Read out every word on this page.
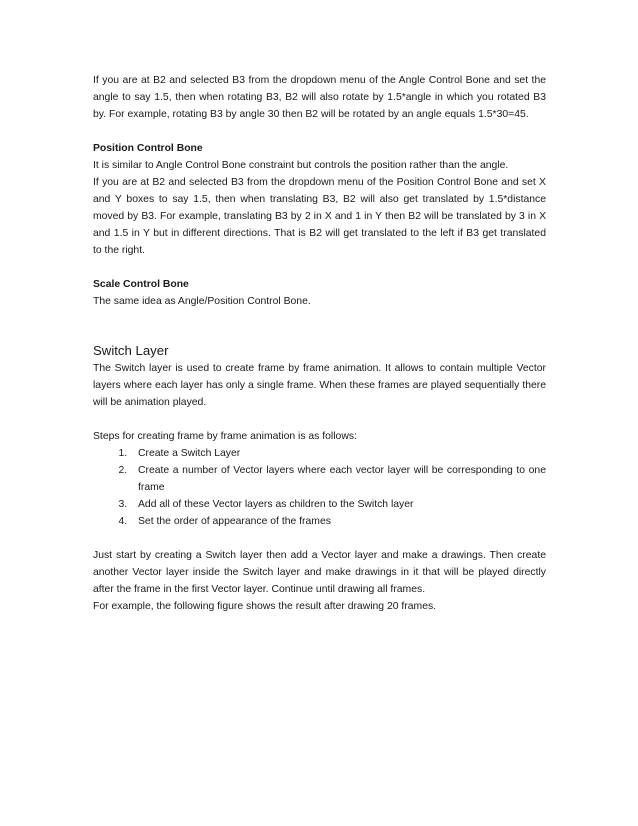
If you are at B2 and selected B3 from the dropdown menu of the Angle Control Bone and set the angle to say 1.5, then when rotating B3, B2 will also rotate by 1.5*angle in which you rotated B3 by. For example, rotating B3 by angle 30 then B2 will be rotated by an angle equals 1.5*30=45.

Position Control Bone

It is similar to Angle Control Bone constraint but controls the position rather than the angle.

If you are at B2 and selected B3 from the dropdown menu of the Position Control Bone and set X and Y boxes to say 1.5, then when translating B3, B2 will also get translated by 1.5*distance moved by B3. For example, translating B3 by 2 in X and 1 in Y then B2 will be translated by 3 in X and 1.5 in Y but in different directions. That is B2 will get translated to the left if B3 get translated to the right.

Scale Control Bone

The same idea as Angle/Position Control Bone.

Switch Layer

The Switch layer is used to create frame by frame animation. It allows to contain multiple Vector layers where each layer has only a single frame. When these frames are played sequentially there will be animation played.

Steps for creating frame by frame animation is as follows:

1. Create a Switch Layer
2. Create a number of Vector layers where each vector layer will be corresponding to one frame
3. Add all of these Vector layers as children to the Switch layer
4. Set the order of appearance of the frames

Just start by creating a Switch layer then add a Vector layer and make a drawings. Then create another Vector layer inside the Switch layer and make drawings in it that will be played directly after the frame in the first Vector layer. Continue until drawing all frames.

For example, the following figure shows the result after drawing 20 frames.
